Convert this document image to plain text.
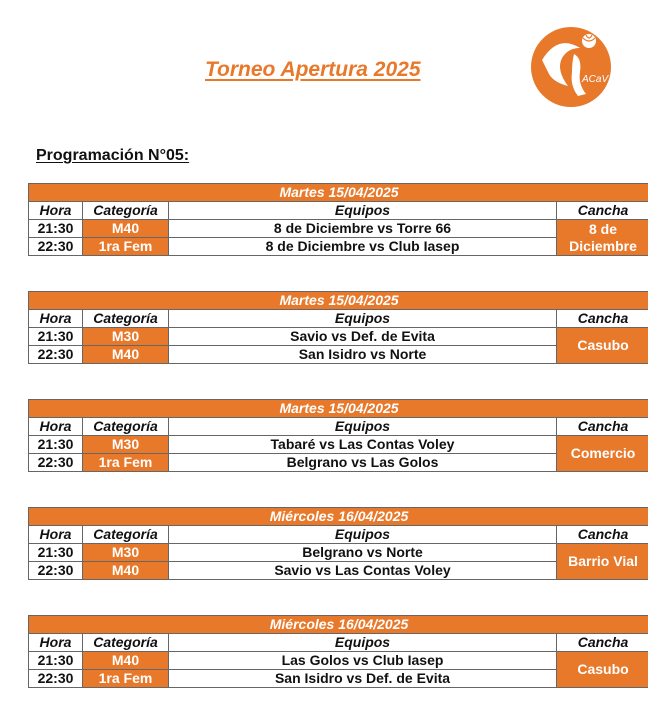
Torneo Apertura 2025	ACaV
Programación N°05:
Martes 15/04/2025			
Hora	Categoría	Equipos	Cancha
21:30	M40	8 de Diciembre vs Torre 66	8 de Diciembre
22:30	1ra Fem	8 de Diciembre vs Club Iasep	
Martes 15/04/2025			
Hora	Categoría	Equipos	Cancha
21:30	M30	Savio vs Def. de Evita	Casubo
22:30	M40	San Isidro vs Norte	
Martes 15/04/2025			
Hora	Categoría	Equipos	Cancha
21:30	M30	Tabaré vs Las Contas Voley	Comercio
22:30	1ra Fem	Belgrano vs Las Golos	
Miércoles 16/04/2025			
Hora	Categoría	Equipos	Cancha
21:30	M30	Belgrano vs Norte	Barrio Vial
22:30	M40	Savio vs Las Contas Voley	
Miércoles 16/04/2025			
Hora	Categoría	Equipos	Cancha
21:30	M40	Las Golos vs Club Iasep	Casubo
22:30	1ra Fem	San Isidro vs Def. de Evita	
